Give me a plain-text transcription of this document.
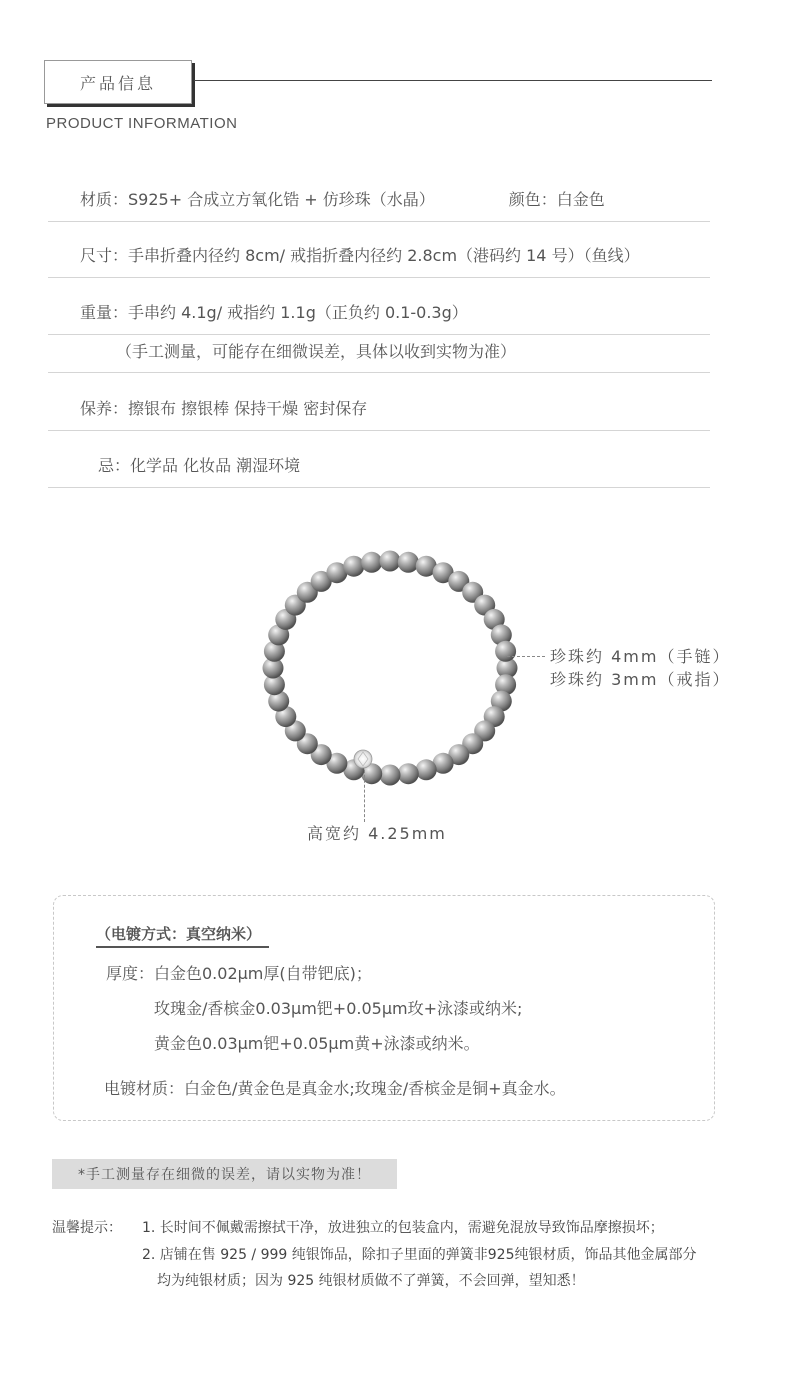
产品信息
PRODUCT INFORMATION
材质：S925+ 合成立方氧化锆 + 仿珍珠（水晶）	颜色：白金色
尺寸：手串折叠内径约 8cm/ 戒指折叠内径约 2.8cm（港码约 14 号）（鱼线）
重量：手串约 4.1g/ 戒指约 1.1g（正负约 0.1-0.3g）
（手工测量，可能存在细微误差，具体以收到实物为准）
保养：擦银布 擦银棒 保持干燥 密封保存
忌：化学品 化妆品 潮湿环境
珍珠约 4mm（手链）
珍珠约 3mm（戒指）
高宽约 4.25mm
（电镀方式：真空纳米）
厚度：白金色0.02μm厚(自带钯底)；
玫瑰金/香槟金0.03μm钯+0.05μm玫+泳漆或纳米;
黄金色0.03μm钯+0.05μm黄+泳漆或纳米。
电镀材质：白金色/黄金色是真金水;玫瑰金/香槟金是铜+真金水。
*手工测量存在细微的误差，请以实物为准！
温馨提示： 1. 长时间不佩戴需擦拭干净，放进独立的包装盒内，需避免混放导致饰品摩擦损坏；
2. 店铺在售 925 / 999 纯银饰品，除扣子里面的弹簧非925纯银材质，饰品其他金属部分
均为纯银材质；因为 925 纯银材质做不了弹簧，不会回弹，望知悉！
